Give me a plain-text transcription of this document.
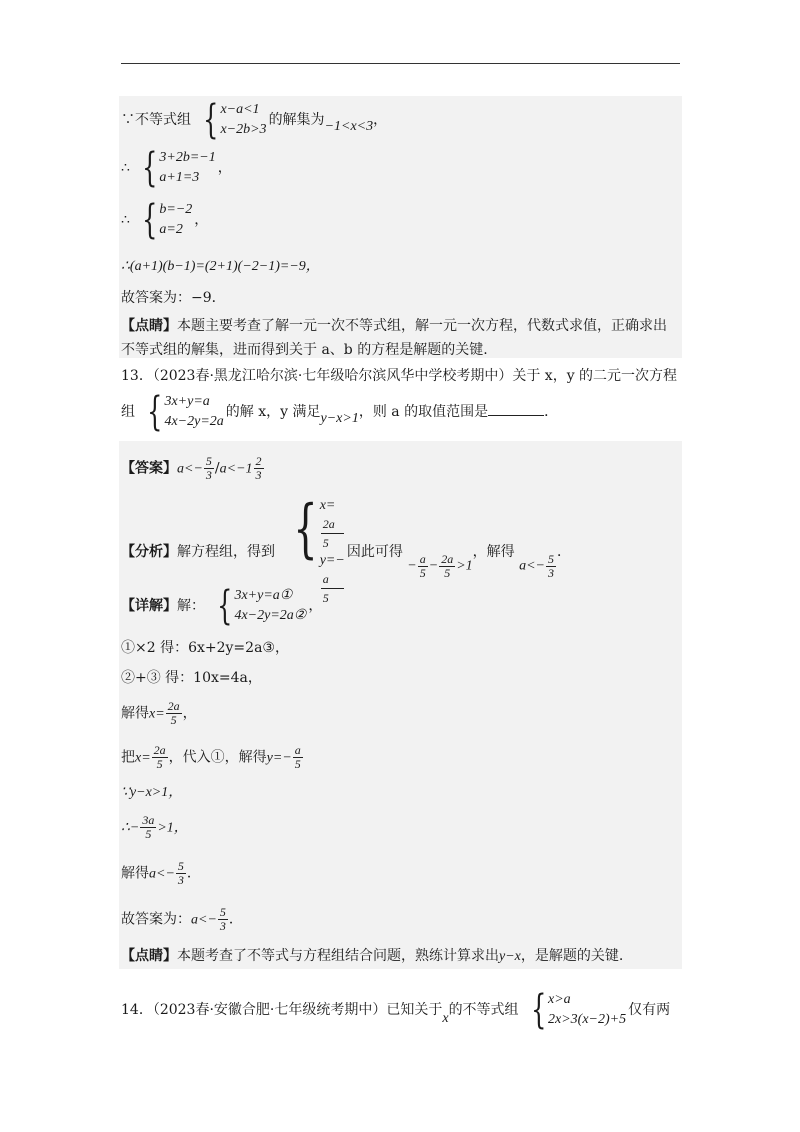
∵不等式组 { x−a<1
x−2b>3
的解集为−1<x<3，
∴ { 3+2b=−1
a+1=3
，
∴ { b=−2
a=2
，
∴(a+1)(b−1)=(2+1)(−2−1)=−9，
故答案为：−9．
【点睛】本题主要考查了解一元一次不等式组，解一元一次方程，代数式求值，正确求出
不等式组的解集，进而得到关于 a、b 的方程是解题的关键.
13．（2023春·黑龙江哈尔滨·七年级哈尔滨风华中学校考期中）关于 x，y 的二元一次方程
组 { 3x+y=a
4x−2y=2a
的解 x，y 满足y−x>1，则 a 的取值范围是	．
【答案】$a<- \frac{5}{3} /a<-1 \frac{2}{3}$
【分析】解方程组，得到 { x=
2a
5
y=−
a
5
因此可得 − $\frac{a}{5} - \frac{2a}{5} >1$，解得 $a<- \frac{5}{3}$
．
【详解】解： { 3x+y=a①
4x−2y=2a②
，
①×2 得：6x+2y=2a③，
②+③ 得：10x=4a，
解得$x= \frac{2a}{5}$ ，
把$x= \frac{2a}{5}$ ，代入①，解得$y=- \frac{a}{5}$
∵y−x>1，
∴− $\frac{3a}{5} >1$，
解得$a<- \frac{5}{3}$ ．
故答案为：$a<- \frac{5}{3}$ ．
【点睛】本题考查了不等式与方程组结合问题，熟练计算求出y−x，是解题的关键.
14．（2023春·安徽合肥·七年级统考期中）已知关于x的不等式组 { x>a
2x>3(x−2)+5
仅有两
